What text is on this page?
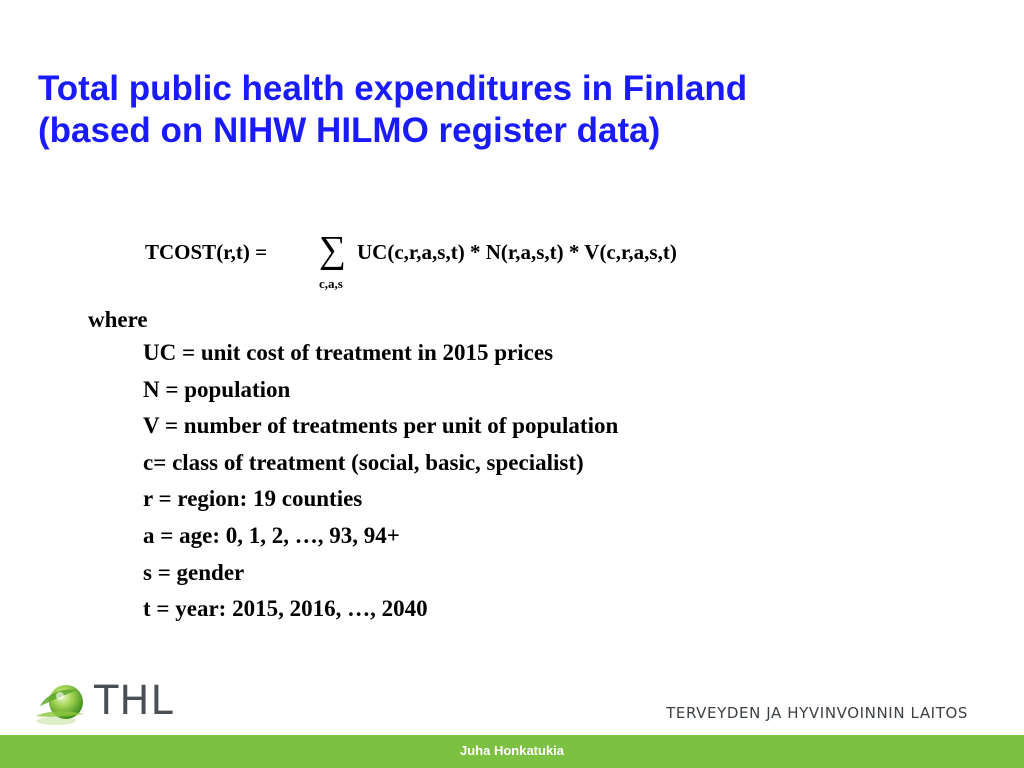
Total public health expenditures in Finland
(based on NIHW HILMO register data)
TCOST(r,t) = ∑
c,a,s
UC(c,r,a,s,t) * N(r,a,s,t) * V(c,r,a,s,t)
where
UC = unit cost of treatment in 2015 prices
N = population
V = number of treatments per unit of population
c= class of treatment (social, basic, specialist)
r = region: 19 counties
a = age: 0, 1, 2, …, 93, 94+
s = gender
t = year: 2015, 2016, …, 2040
THL	TERVEYDEN JA HYVINVOINNIN LAITOS
Juha Honkatukia
